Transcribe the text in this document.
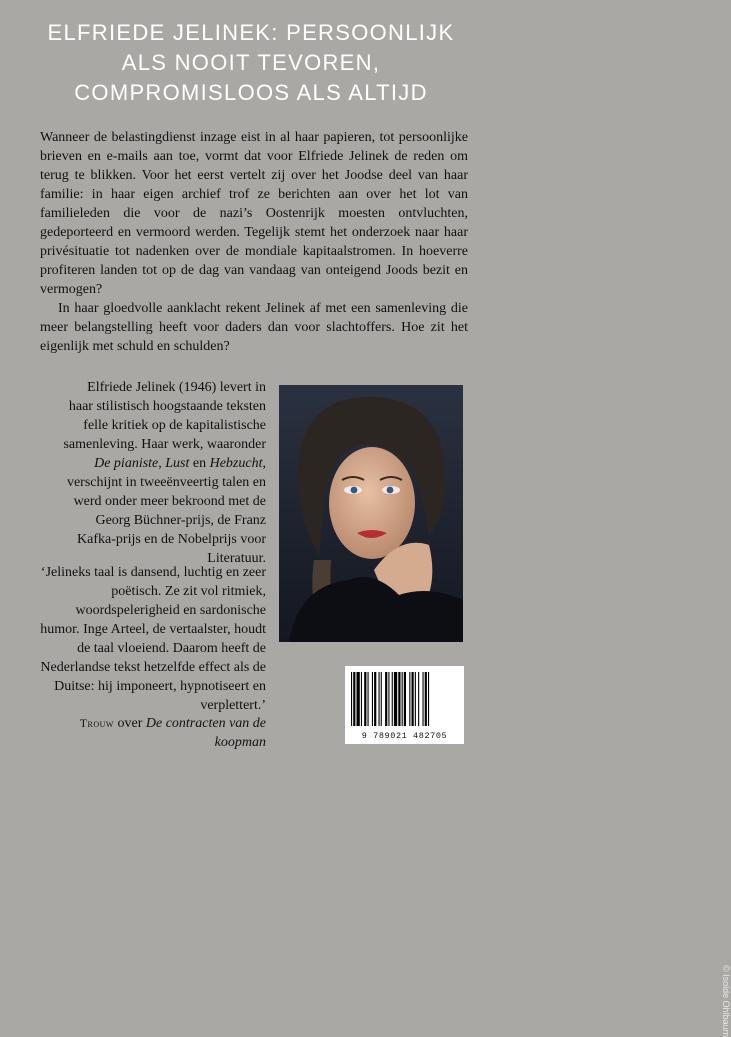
ELFRIEDE JELINEK: PERSOONLIJK
ALS NOOIT TEVOREN,
COMPROMISLOOS ALS ALTIJD

Wanneer de belastingdienst inzage eist in al haar papieren, tot persoonlijke brieven en e-mails aan toe, vormt dat voor Elfriede Jelinek de reden om terug te blikken. Voor het eerst vertelt zij over het Joodse deel van haar familie: in haar eigen archief trof ze berichten aan over het lot van familieleden die voor de nazi’s Oostenrijk moesten ontvluchten, gedeporteerd en vermoord werden. Tegelijk stemt het onderzoek naar haar privésituatie tot nadenken over de mondiale kapitaalstromen. In hoeverre profiteren landen tot op de dag van vandaag van onteigend Joods bezit en vermogen?

In haar gloedvolle aanklacht rekent Jelinek af met een samenleving die meer belangstelling heeft voor daders dan voor slachtoffers. Hoe zit het eigenlijk met schuld en schulden?

Elfriede Jelinek (1946) levert in haar stilistisch hoogstaande teksten felle kritiek op de kapitalistische samenleving. Haar werk, waaronder De pianiste, Lust en Hebzucht, verschijnt in tweeënveertig talen en werd onder meer bekroond met de Georg Büchner-prijs, de Franz Kafka-prijs en de Nobelprijs voor Literatuur.
© Isolde Ohlbaum
‘Jelineks taal is dansend, luchtig en zeer poëtisch. Ze zit vol ritmiek, woordspelerigheid en sardonische humor. Inge Arteel, de vertaalster, houdt de taal vloeiend. Daarom heeft de Nederlandse tekst hetzelfde effect als de Duitse: hij imponeert, hypnotiseert en verplettert.’
Trouw over De contracten van de koopman	9 789021 482705
